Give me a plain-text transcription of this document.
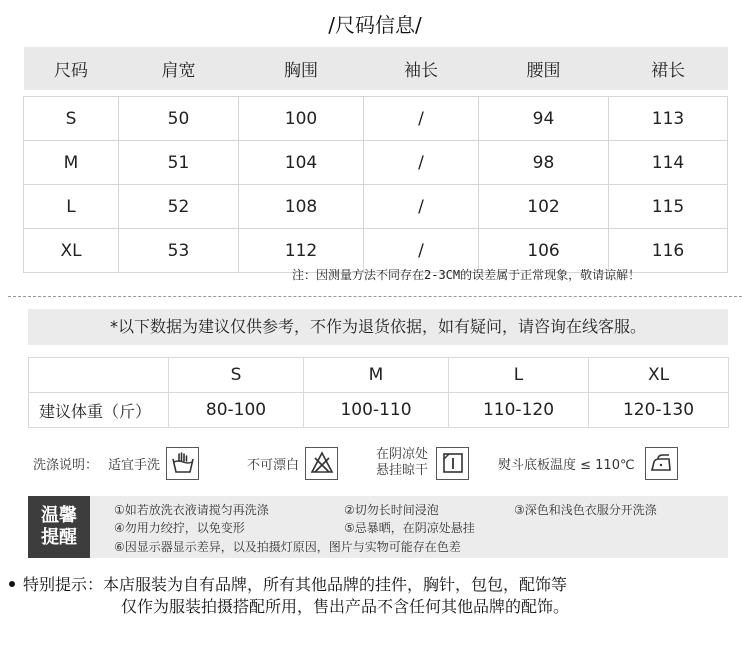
/尺码信息/
尺码	肩宽	胸围	袖长	腰围	裙长

S	50	100	/	94	113
M	51	104	/	98	114
L	52	108	/	102	115
XL	53	112	/	106	116
注：因测量方法不同存在2-3CM的误差属于正常现象，敬请谅解！
*以下数据为建议仅供参考，不作为退货依据，如有疑问，请咨询在线客服。
	S	M	L	XL
建议体重（斤）	80-100	100-110	110-120	120-130
洗涤说明： 适宜手洗	不可漂白
在阴凉处
悬挂晾干	熨斗底板温度 ≤ 110℃
温馨
提醒
①如若放洗衣液请搅匀再洗涤	②切勿长时间浸泡	③深色和浅色衣服分开洗涤
④勿用力绞拧，以免变形	⑤忌暴晒，在阴凉处悬挂
⑥因显示器显示差异，以及拍摄灯原因，图片与实物可能存在色差
特别提示：本店服装为自有品牌，所有其他品牌的挂件，胸针，包包，配饰等
仅作为服装拍摄搭配所用，售出产品不含任何其他品牌的配饰。
